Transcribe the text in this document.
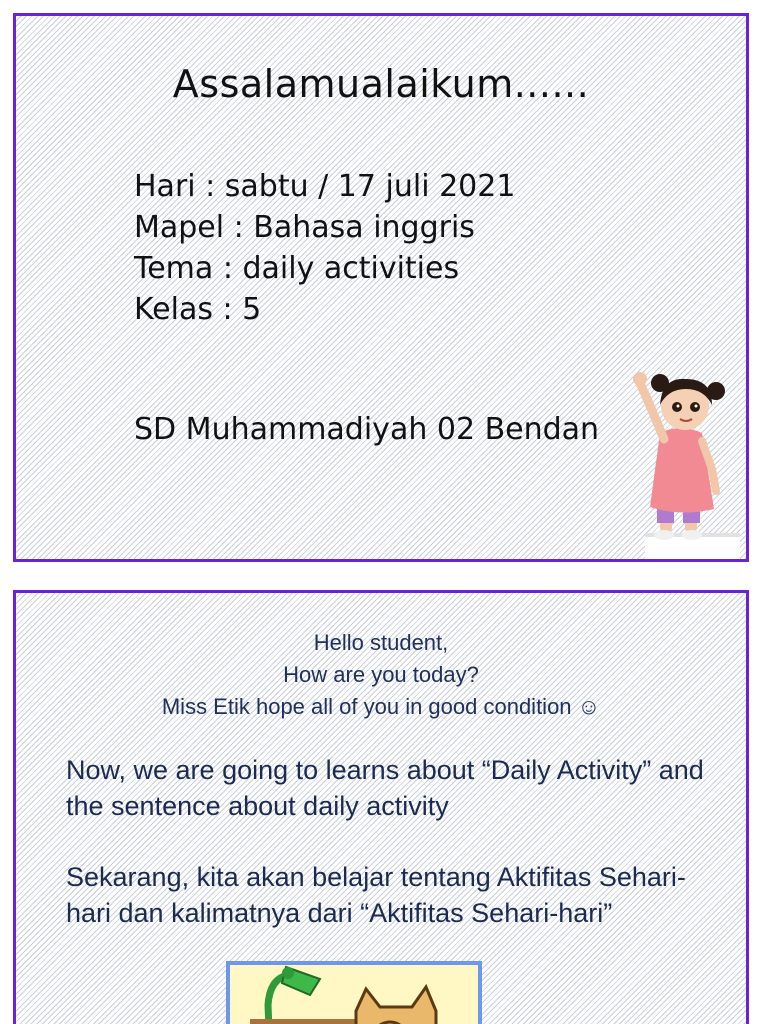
Assalamualaikum......
Hari : sabtu / 17 juli 2021
Mapel : Bahasa inggris
Tema : daily activities
Kelas : 5
SD Muhammadiyah 02 Bendan
Hello student,
How are you today?
Miss Etik hope all of you in good condition ☺
Now, we are going to learns about “Daily Activity” and the sentence about daily activity
Sekarang, kita akan belajar tentang Aktifitas Sehari-hari dan kalimatnya dari “Aktifitas Sehari-hari”
